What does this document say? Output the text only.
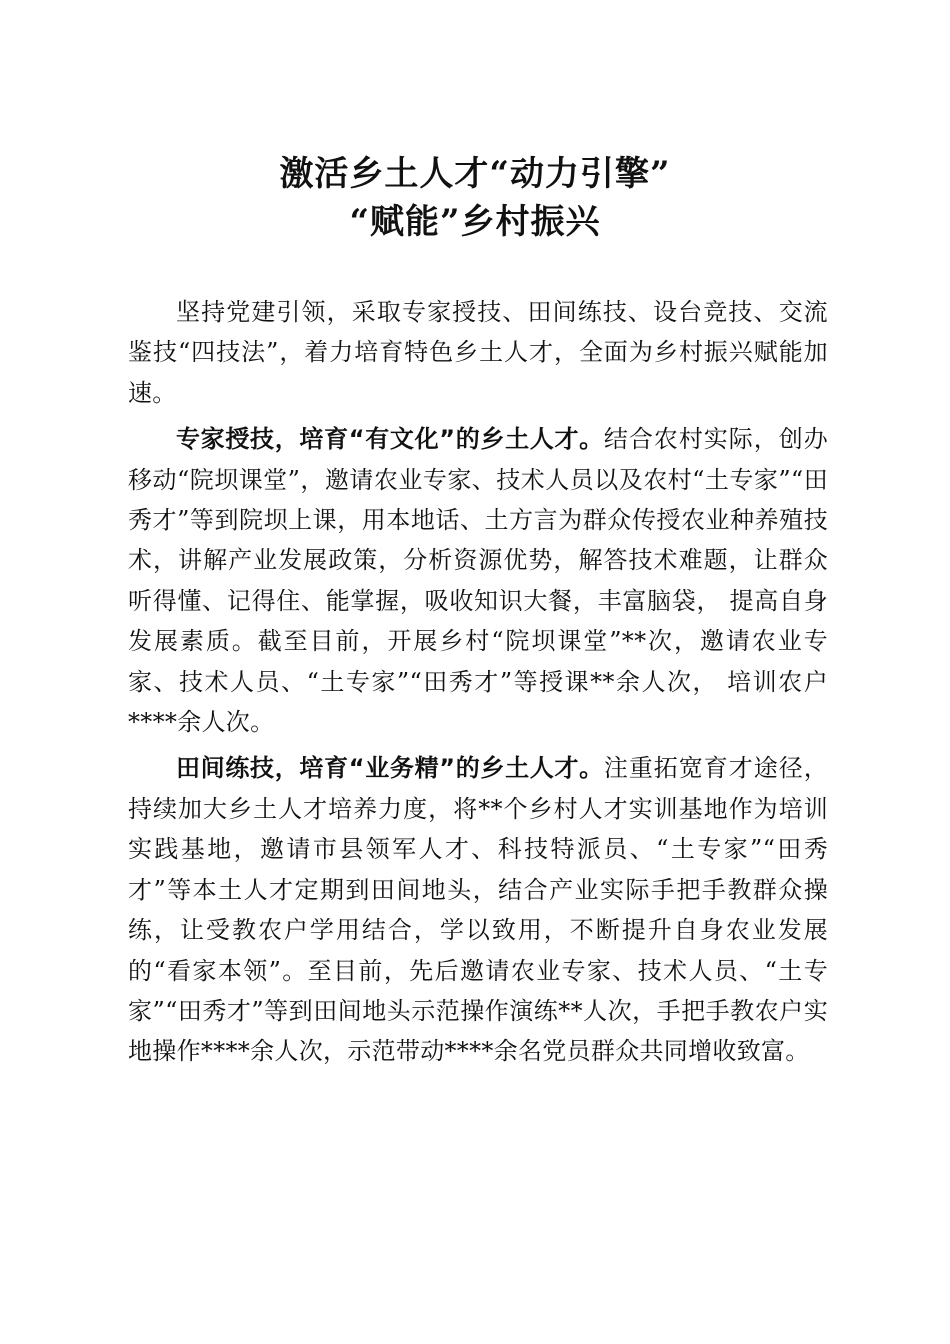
激活乡土人才“动力引擎”
“赋能”乡村振兴

坚持党建引领，采取专家授技、田间练技、设台竞技、交流鉴技“四技法”，着力培育特色乡土人才，全面为乡村振兴赋能加速。

专家授技，培育“有文化”的乡土人才。结合农村实际，创办移动“院坝课堂”，邀请农业专家、技术人员以及农村“土专家”“田秀才”等到院坝上课，用本地话、土方言为群众传授农业种养殖技术，讲解产业发展政策，分析资源优势，解答技术难题，让群众听得懂、记得住、能掌握，吸收知识大餐，丰富脑袋， 提高自身发展素质。截至目前，开展乡村“院坝课堂”**次，邀请农业专家、技术人员、“土专家”“田秀才”等授课**余人次， 培训农户****余人次。

田间练技，培育“业务精”的乡土人才。注重拓宽育才途径，持续加大乡土人才培养力度，将**个乡村人才实训基地作为培训实践基地，邀请市县领军人才、科技特派员、“土专家”“田秀才”等本土人才定期到田间地头，结合产业实际手把手教群众操练，让受教农户学用结合，学以致用，不断提升自身农业发展的“看家本领”。至目前，先后邀请农业专家、技术人员、“土专家”“田秀才”等到田间地头示范操作演练**人次，手把手教农户实地操作****余人次，示范带动****余名党员群众共同增收致富。
